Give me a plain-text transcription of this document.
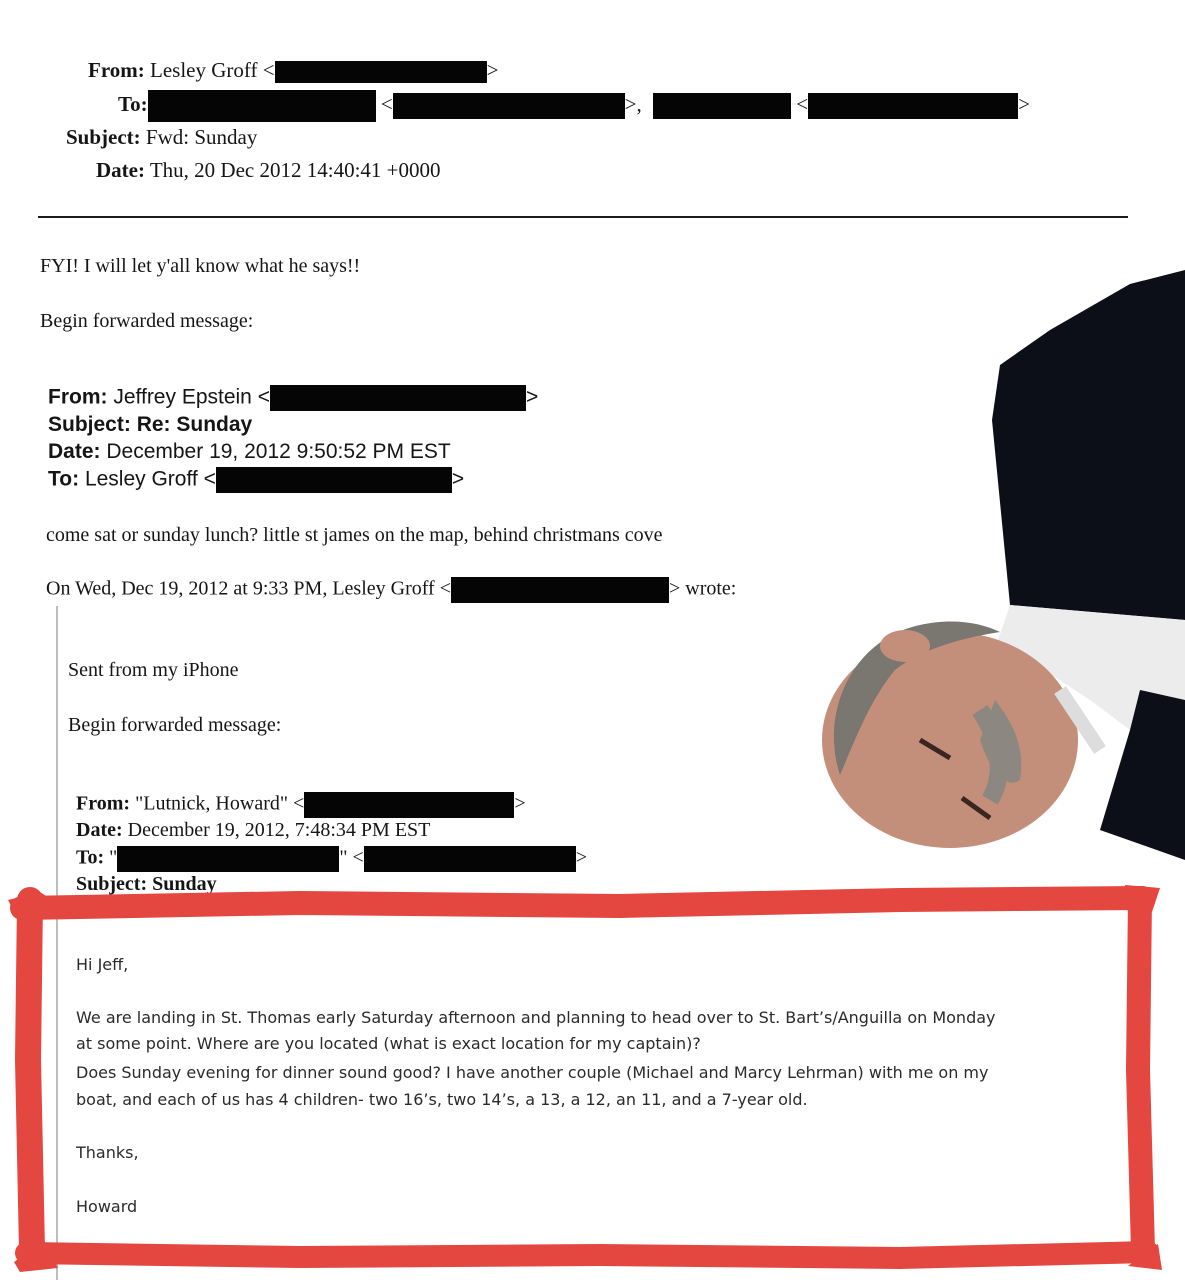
From: Lesley Groff <	>
To:	<	>,	<	>
Subject: Fwd: Sunday
Date: Thu, 20 Dec 2012 14:40:41 +0000
FYI! I will let y'all know what he says!!
Begin forwarded message:
From: Jeffrey Epstein <	>
Subject: Re: Sunday
Date: December 19, 2012 9:50:52 PM EST
To: Lesley Groff <	>
come sat or sunday lunch? little st james on the map, behind christmans cove
On Wed, Dec 19, 2012 at 9:33 PM, Lesley Groff <	> wrote:
Sent from my iPhone
Begin forwarded message:
From: "Lutnick, Howard" <	>
Date: December 19, 2012, 7:48:34 PM EST
To: "	" <	>
Subject: Sunday
Hi Jeff,
We are landing in St. Thomas early Saturday afternoon and planning to head over to St. Bart’s/Anguilla on Monday
at some point. Where are you located (what is exact location for my captain)?
Does Sunday evening for dinner sound good? I have another couple (Michael and Marcy Lehrman) with me on my
boat, and each of us has 4 children- two 16’s, two 14’s, a 13, a 12, an 11, and a 7-year old.
Thanks,
Howard
